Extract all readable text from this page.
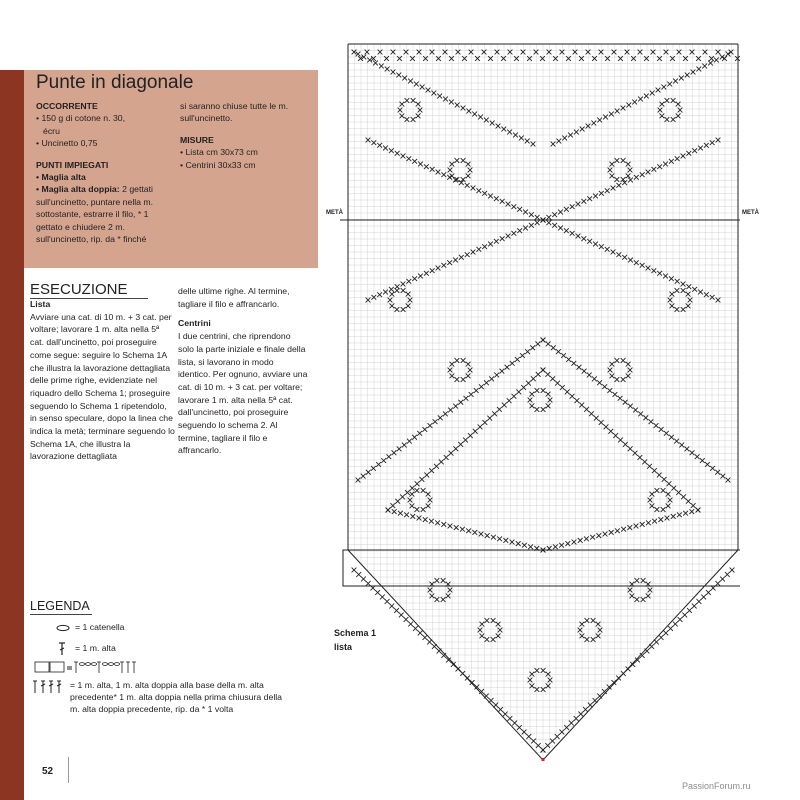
Punte in diagonale
OCCORRENTE
• 150 g di cotone n. 30,
écru
• Uncinetto 0,75
PUNTI IMPIEGATI
• Maglia alta
• Maglia alta doppia: 2 gettati sull'uncinetto, puntare nella m. sottostante, estrarre il filo, * 1 gettato e chiudere 2 m. sull'uncinetto, rip. da * finché
si saranno chiuse tutte le m. sull'uncinetto.
MISURE
• Lista cm 30x73 cm
• Centrini 30x33 cm
ESECUZIONE
Lista
Avviare una cat. di 10 m. + 3 cat. per voltare; lavorare 1 m. alta nella 5ª cat. dall'uncinetto, poi proseguire come segue: seguire lo Schema 1A che illustra la lavorazione dettagliata delle prime righe, evidenziate nel riquadro dello Schema 1; proseguire seguendo lo Schema 1 ripetendolo, in senso speculare, dopo la linea che indica la metà; terminare seguendo lo Schema 1A, che illustra la lavorazione dettagliata
delle ultime righe. Al termine, tagliare il filo e affrancarlo.
Centrini
I due centrini, che riprendono solo la parte iniziale e finale della lista, si lavorano in modo identico. Per ognuno, avviare una cat. di 10 m. + 3 cat. per voltare; lavorare 1 m. alta nella 5ª cat. dall'uncinetto, poi proseguire seguendo lo schema 2. Al termine, tagliare il filo e affrancarlo.
LEGENDA
= 1 catenella
= 1 m. alta
= 1 m. alta, 1 m. alta doppia alla base della m. alta precedente* 1 m. alta doppia nella prima chiusura della m. alta doppia precedente, rip. da * 1 volta
METÀ	METÀ
Schema 1
lista
52
PassionForum.ru
